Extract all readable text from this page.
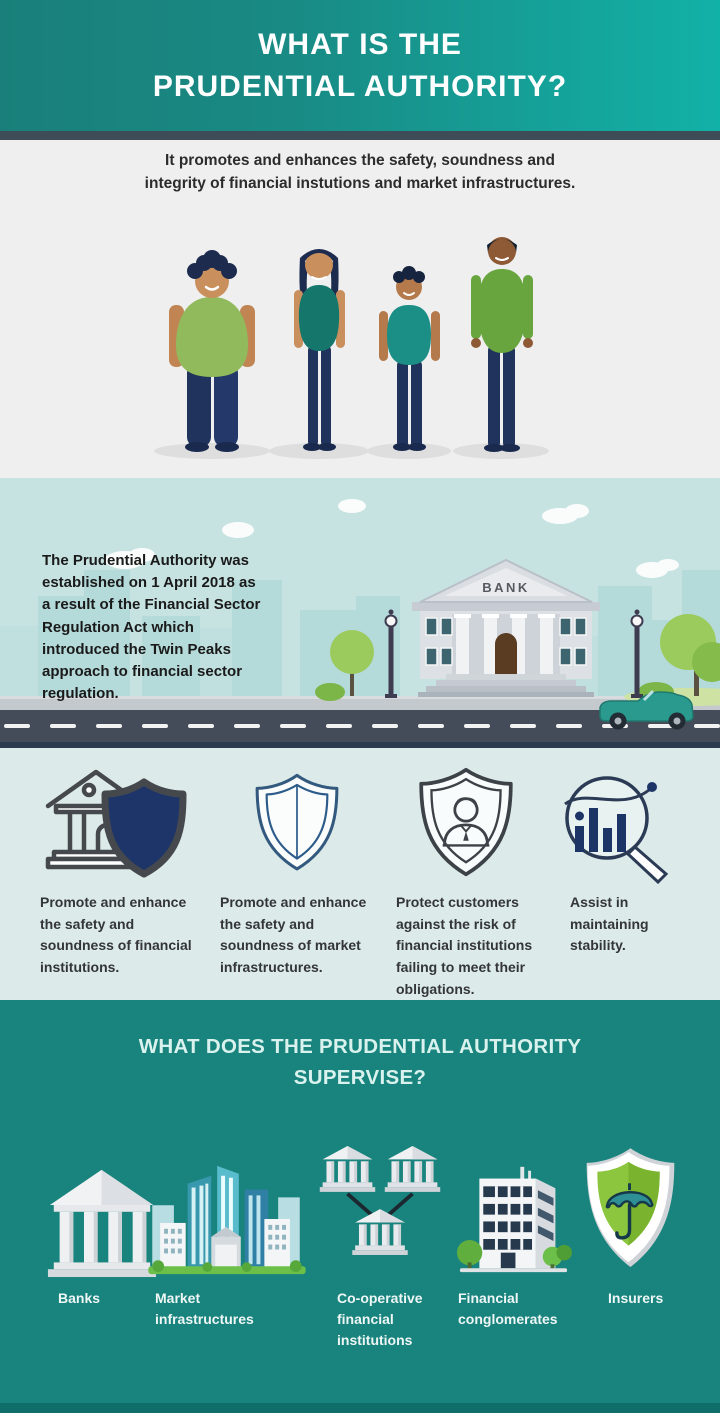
WHAT IS THE
PRUDENTIAL AUTHORITY?

It promotes and enhances the safety, soundness and
integrity of financial instutions and market infrastructures.

BANK
The Prudential Authority was
established on 1 April 2018 as
a result of the Financial Sector
Regulation Act which
introduced the Twin Peaks
approach to financial sector
regulation.
Promote and enhance the safety and soundness of financial institutions.
Promote and enhance the safety and soundness of market infrastructures.
Protect customers against the risk of financial institutions failing to meet their obligations.
Assist in maintaining stability.
WHAT DOES THE PRUDENTIAL AUTHORITY
SUPERVISE?
Banks	Market infrastructures
Co-operative financial institutions
Financial conglomerates
Insurers
